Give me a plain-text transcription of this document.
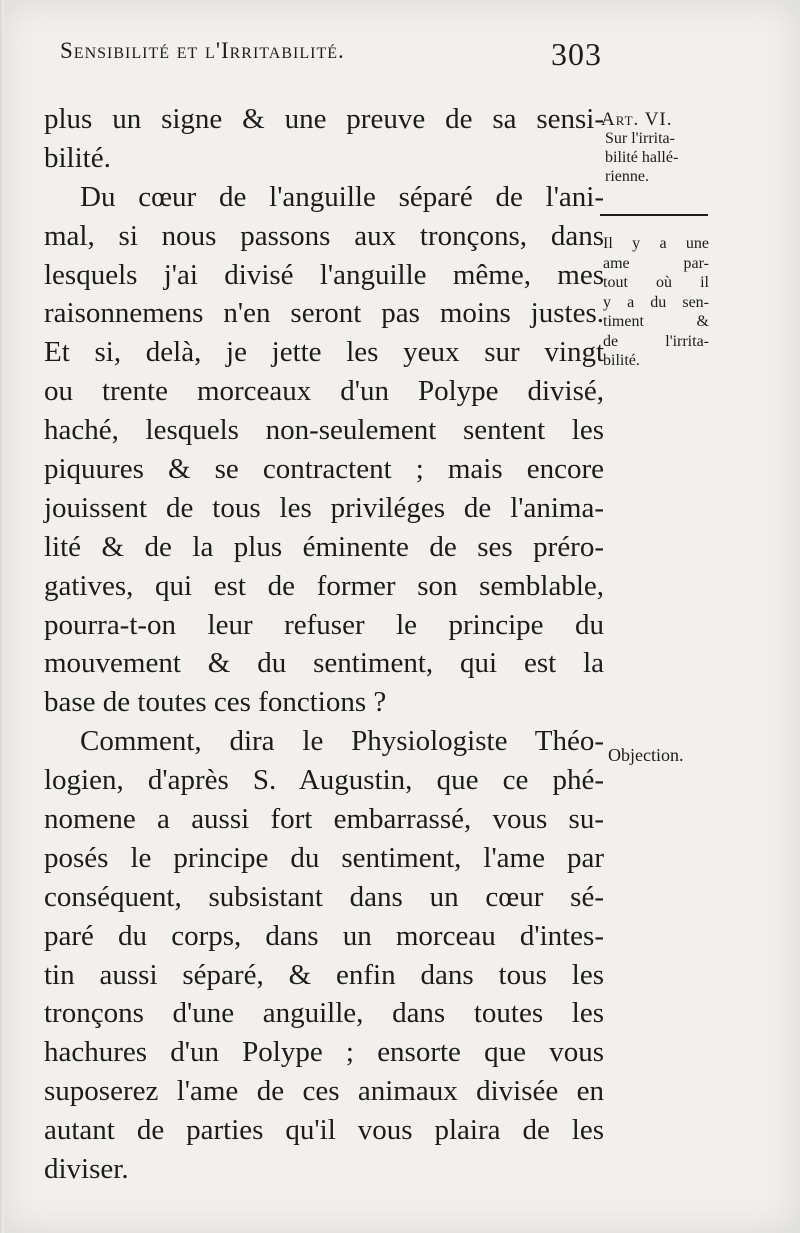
Sensibilité et l'Irritabilité.	303
plus un signe & une preuve de sa sensi-
bilité.
Du cœur de l'anguille séparé de l'ani-
mal, si nous passons aux tronçons, dans
lesquels j'ai divisé l'anguille même, mes
raisonnemens n'en seront pas moins justes.
Et si, delà, je jette les yeux sur vingt
ou trente morceaux d'un Polype divisé,
haché, lesquels non-seulement sentent les
piquures & se contractent ; mais encore
jouissent de tous les priviléges de l'anima-
lité & de la plus éminente de ses préro-
gatives, qui est de former son semblable,
pourra-t-on leur refuser le principe du
mouvement & du sentiment, qui est la
base de toutes ces fonctions ?
Comment, dira le Physiologiste Théo-
logien, d'après S. Augustin, que ce phé-
nomene a aussi fort embarrassé, vous su-
posés le principe du sentiment, l'ame par
conséquent, subsistant dans un cœur sé-
paré du corps, dans un morceau d'intes-
tin aussi séparé, & enfin dans tous les
tronçons d'une anguille, dans toutes les
hachures d'un Polype ; ensorte que vous
suposerez l'ame de ces animaux divisée en
autant de parties qu'il vous plaira de les
diviser.
Art. VI.
Sur l'irrita-
bilité hallé-
rienne.
Il y a une
ame par-
tout où il
y a du sen-
timent &
de l'irrita-
bilité.
Objection.
